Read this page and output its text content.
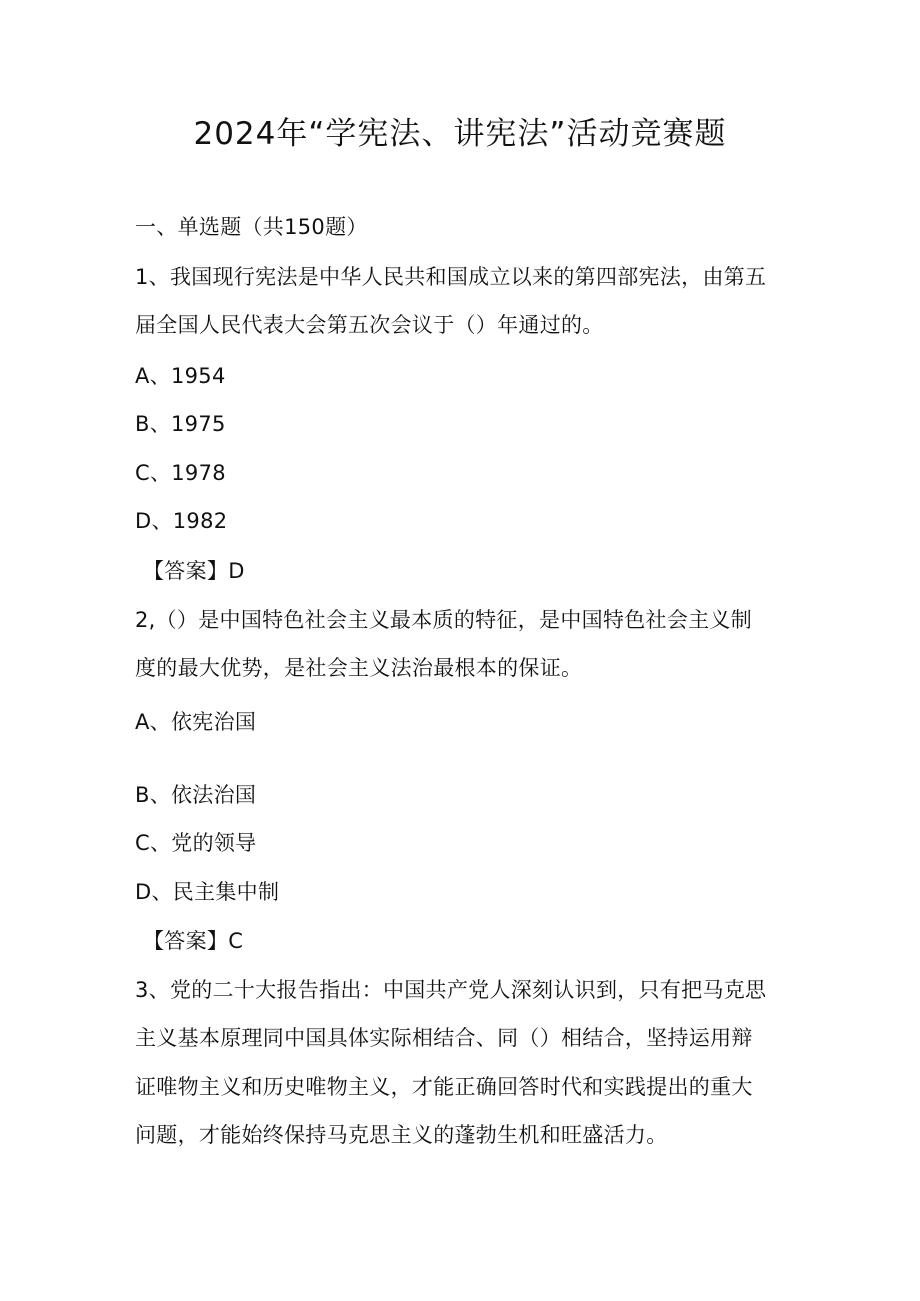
2024年“学宪法、讲宪法”活动竞赛题
一、单选题（共150题）
1、我国现行宪法是中华人民共和国成立以来的第四部宪法，由第五
届全国人民代表大会第五次会议于（）年通过的。
A、1954
B、1975
C、1978
D、1982
【答案】D
2,（）是中国特色社会主义最本质的特征，是中国特色社会主义制
度的最大优势，是社会主义法治最根本的保证。
A、依宪治国
B、依法治国
C、党的领导
D、民主集中制
【答案】C
3、党的二十大报告指出：中国共产党人深刻认识到，只有把马克思
主义基本原理同中国具体实际相结合、同（）相结合，坚持运用辩
证唯物主义和历史唯物主义，才能正确回答时代和实践提出的重大
问题，才能始终保持马克思主义的蓬勃生机和旺盛活力。
